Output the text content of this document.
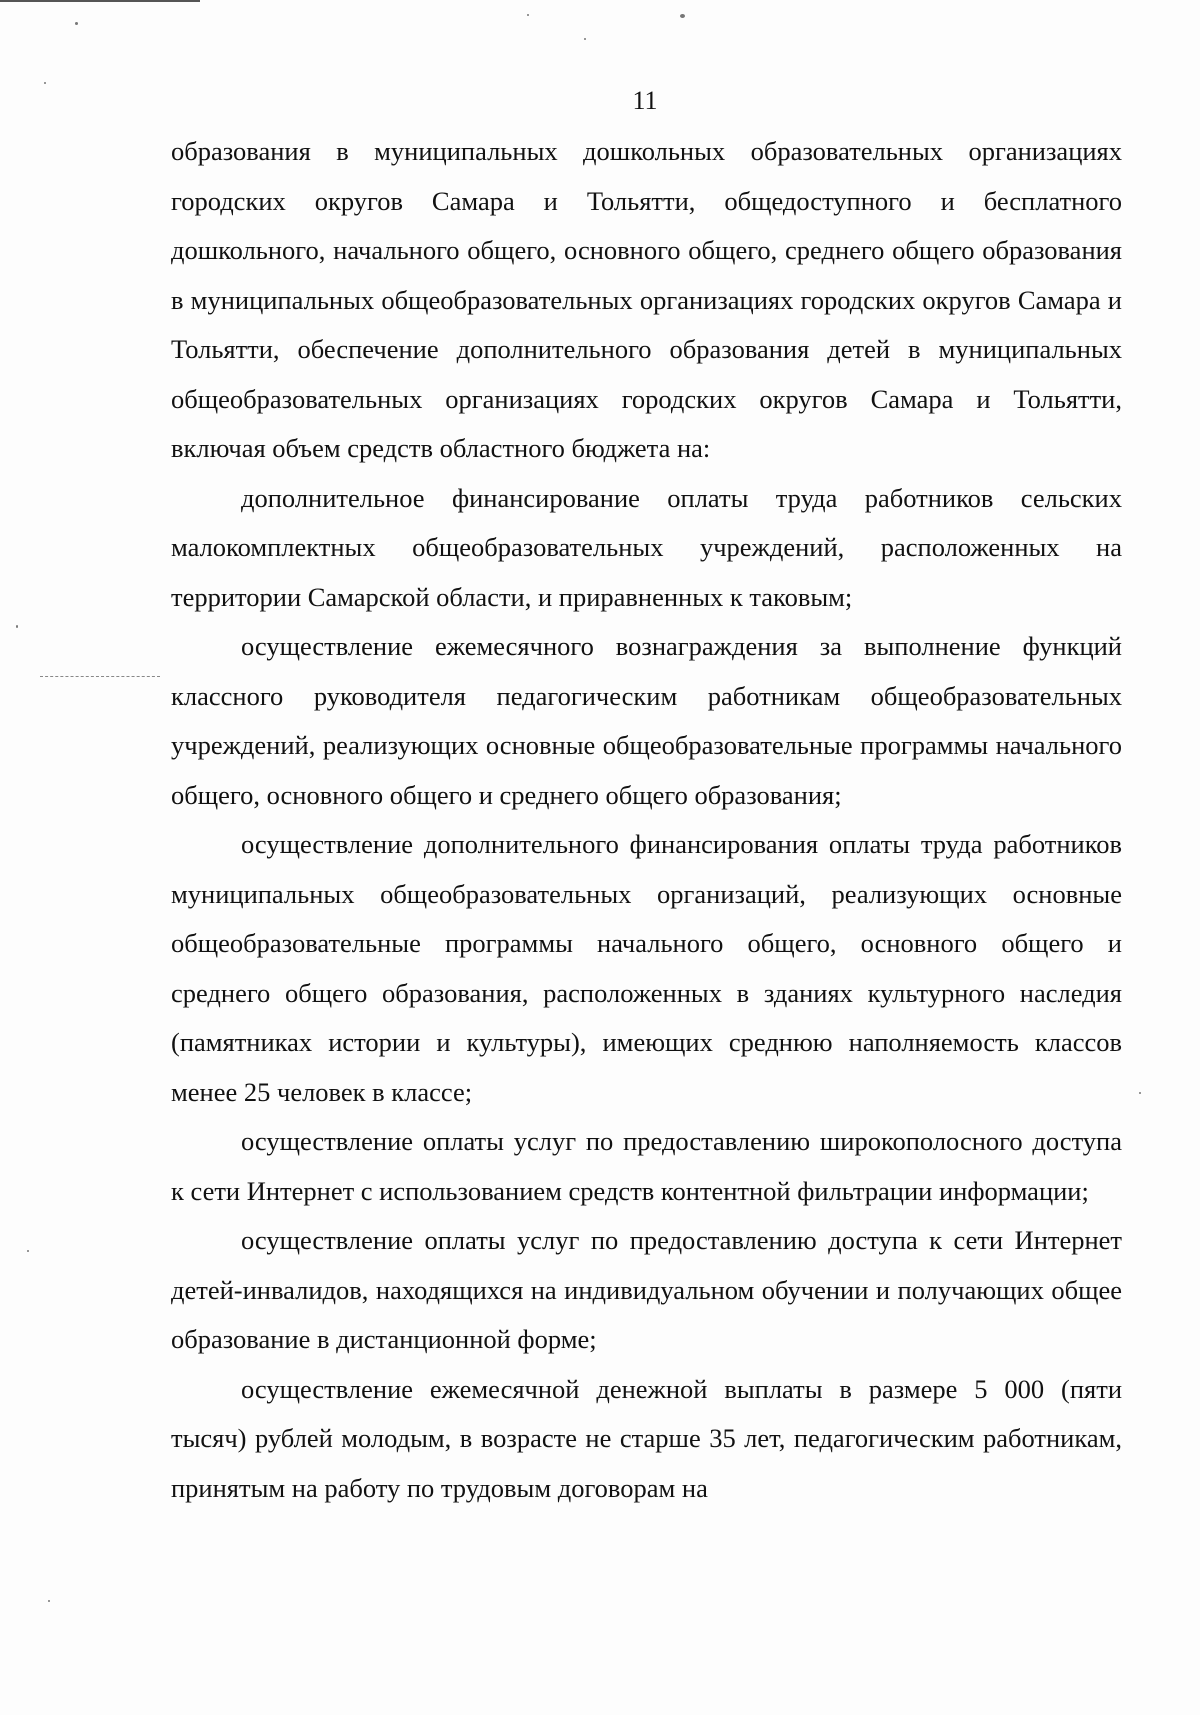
11

образования в муниципальных дошкольных образовательных организациях городских округов Самара и Тольятти, общедоступного и бесплатного дошкольного, начального общего, основного общего, среднего общего образования в муниципальных общеобразовательных организациях городских округов Самара и Тольятти, обеспечение дополнительного образования детей в муниципальных общеобразовательных организациях городских округов Самара и Тольятти, включая объем средств областного бюджета на:

дополнительное финансирование оплаты труда работников сельских малокомплектных общеобразовательных учреждений, расположенных на территории Самарской области, и приравненных к таковым;

осуществление ежемесячного вознаграждения за выполнение функций классного руководителя педагогическим работникам общеобразовательных учреждений, реализующих основные общеобразовательные программы начального общего, основного общего и среднего общего образования;

осуществление дополнительного финансирования оплаты труда работников муниципальных общеобразовательных организаций, реализующих основные общеобразовательные программы начального общего, основного общего и среднего общего образования, расположенных в зданиях культурного наследия (памятниках истории и культуры), имеющих среднюю наполняемость классов менее 25 человек в классе;

осуществление оплаты услуг по предоставлению широкополосного доступа к сети Интернет с использованием средств контентной фильтрации информации;

осуществление оплаты услуг по предоставлению доступа к сети Интернет детей-инвалидов, находящихся на индивидуальном обучении и получающих общее образование в дистанционной форме;

осуществление ежемесячной денежной выплаты в размере 5 000 (пяти тысяч) рублей молодым, в возрасте не старше 35 лет, педагогическим работникам, принятым на работу по трудовым договорам на
